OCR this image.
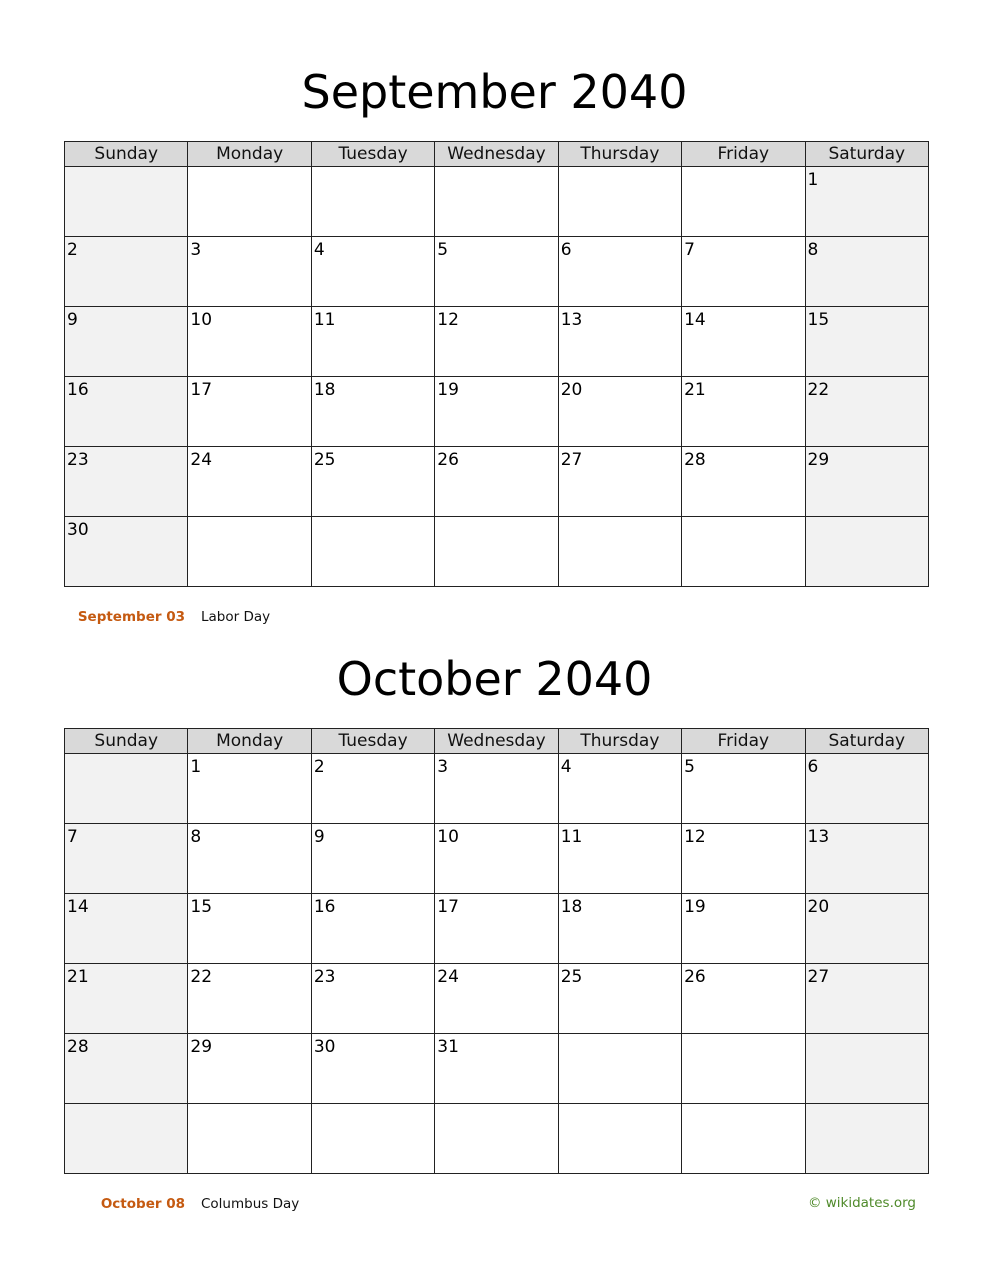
September 2040
Sunday	Monday	Tuesday	Wednesday	Thursday	Friday	Saturday

						1

2	3	4	5	6	7	8

9	10	11	12	13	14	15

16	17	18	19	20	21	22

23	24	25	26	27	28	29

30						

September 03 Labor Day
October 2040
Sunday	Monday	Tuesday	Wednesday	Thursday	Friday	Saturday

	1	2	3	4	5	6

7	8	9	10	11	12	13

14	15	16	17	18	19	20

21	22	23	24	25	26	27

28	29	30	31			

October 08 Columbus Day	© wikidates.org
